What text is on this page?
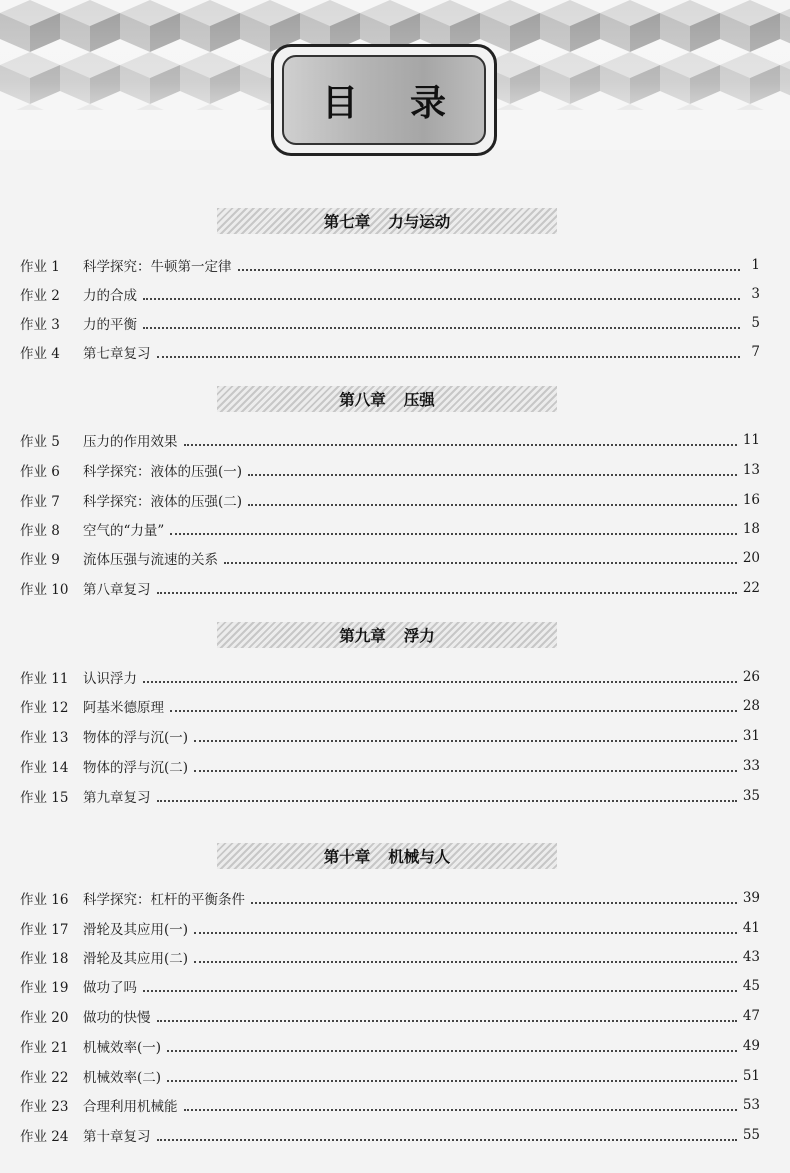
目录
第七章 力与运动
作业 1	科学探究：牛顿第一定律	1
作业 2	力的合成	3
作业 3	力的平衡	5
作业 4	第七章复习	7
第八章 压强
作业 5	压力的作用效果	11
作业 6	科学探究：液体的压强(一)	13
作业 7	科学探究：液体的压强(二)	16
作业 8	空气的“力量”	18
作业 9	流体压强与流速的关系	20
作业 10	第八章复习	22
第九章 浮力
作业 11	认识浮力	26
作业 12	阿基米德原理	28
作业 13	物体的浮与沉(一)	31
作业 14	物体的浮与沉(二)	33
作业 15	第九章复习	35
第十章 机械与人
作业 16	科学探究：杠杆的平衡条件	39
作业 17	滑轮及其应用(一)	41
作业 18	滑轮及其应用(二)	43
作业 19	做功了吗	45
作业 20	做功的快慢	47
作业 21	机械效率(一)	49
作业 22	机械效率(二)	51
作业 23	合理利用机械能	53
作业 24	第十章复习	55
